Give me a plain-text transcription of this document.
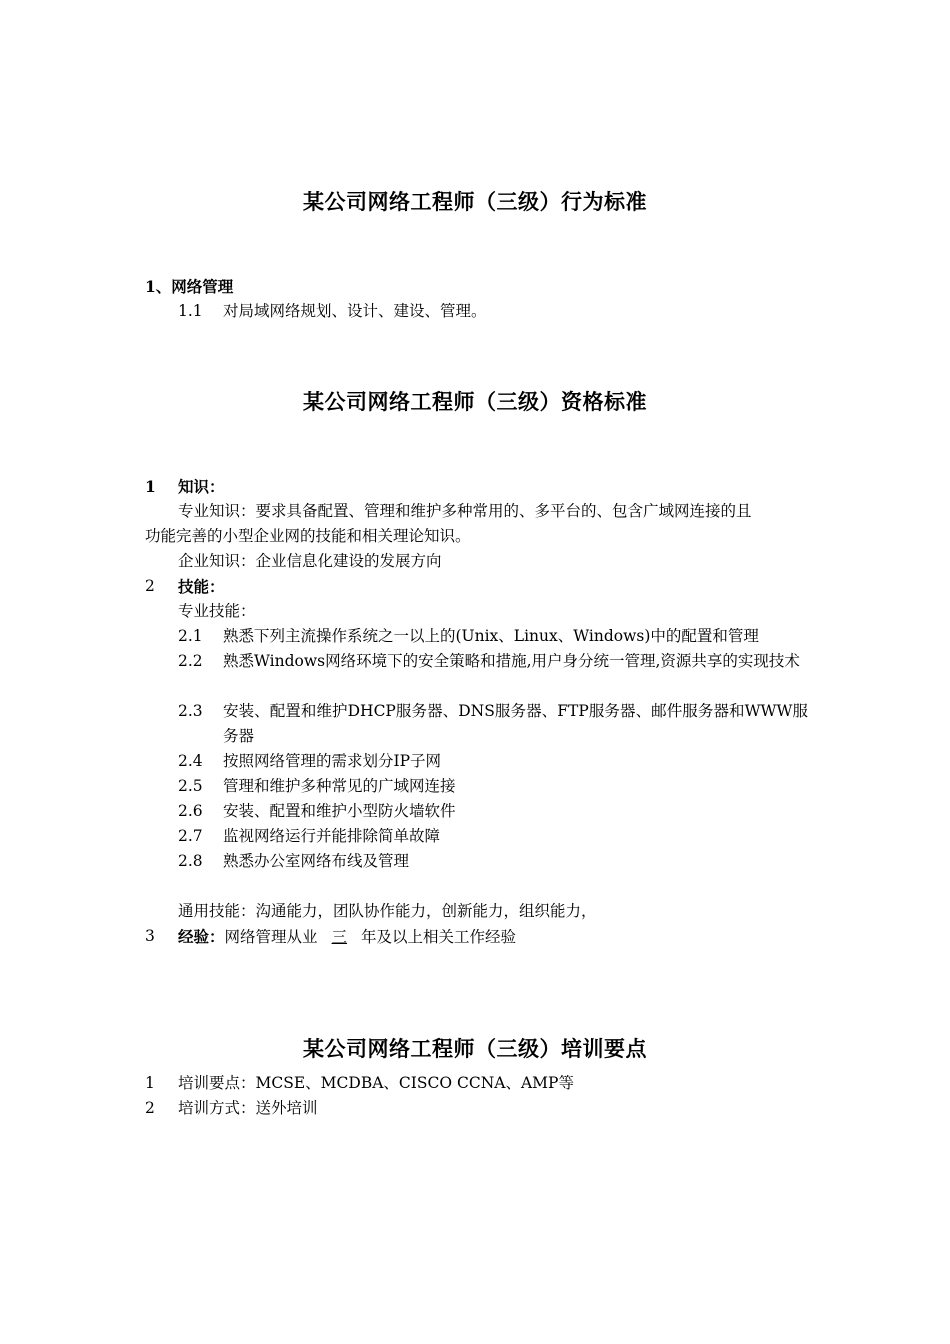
某公司网络工程师（三级）行为标准
1、网络管理
1.1 对局域网络规划、设计、建设、管理。
某公司网络工程师（三级）资格标准
1 知识：
专业知识：要求具备配置、管理和维护多种常用的、多平台的、包含广域网连接的且
功能完善的小型企业网的技能和相关理论知识。
企业知识：企业信息化建设的发展方向
2 技能：
专业技能：
2.1 熟悉下列主流操作系统之一以上的(Unix、Linux、Windows)中的配置和管理
2.2 熟悉Windows网络环境下的安全策略和措施,用户身分统一管理,资源共享的实现技术
2.3 安装、配置和维护DHCP服务器、DNS服务器、FTP服务器、邮件服务器和WWW服务器
2.4 按照网络管理的需求划分IP子网
2.5 管理和维护多种常见的广域网连接
2.6 安装、配置和维护小型防火墙软件
2.7 监视网络运行并能排除简单故障
2.8 熟悉办公室网络布线及管理
通用技能：沟通能力，团队协作能力，创新能力，组织能力，
3 经验：网络管理从业 三 年及以上相关工作经验
某公司网络工程师（三级）培训要点
1 培训要点：MCSE、MCDBA、CISCO CCNA、AMP等
2 培训方式：送外培训
